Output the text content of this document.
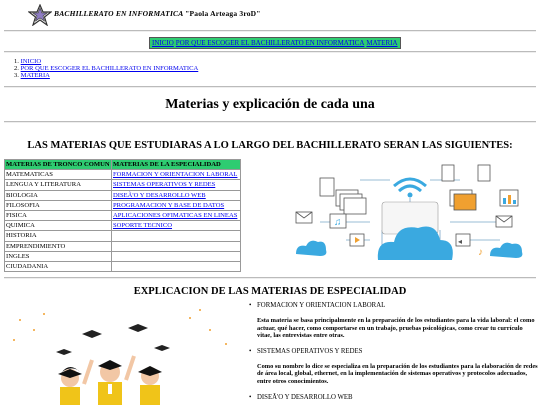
BACHILLERATO EN INFORMATICA "Paola Arteaga 3roD"
INICIO POR QUE ESCOGER EL BACHILLERATO EN INFORMATICA MATERIA
1. INICIO
2. POR QUE ESCOGER EL BACHILLERATO EN INFORMATICA
3. MATERIA
Materias y explicación de cada una
LAS MATERIAS QUE ESTUDIARAS A LO LARGO DEL BACHILLERATO SERAN LAS SIGUIENTES:
MATERIAS DE TRONCO COMUN	MATERIAS DE LA ESPECIALIDAD
MATEMATICAS	FORMACION Y ORIENTACION LABORAL
LENGUA Y LITERATURA	SISTEMAS OPERATIVOS Y REDES
BIOLOGIA	DISEÃ'O Y DESARROLLO WEB
FILOSOFIA	PROGRAMACION Y BASE DE DATOS
FISICA	APLICACIONES OFIMATICAS EN LINEAS
QUIMICA	SOPORTE TECNICO
HISTORIA	
EMPRENDIMIENTO	
INGLES	
CIUDADANIA	
♫
◂
♪
EXPLICACION DE LAS MATERIAS DE ESPECIALIDAD
• FORMACION Y ORIENTACION LABORAL

Esta materia se basa principalmente en la preparación de los estudiantes para la vida laboral: el como actuar, qué hacer, como comportarse en un trabajo, pruebas psicológicas, como crear tu currículo vitae, las entrevistas entre otras.

• SISTEMAS OPERATIVOS Y REDES

Como su nombre lo dice se especializa en la preparación de los estudiantes para la elaboración de redes de área local, global, ethernet, en la implementación de sistemas operativos y protocolos adecuados, entre otros conocimientos.

• DISEÃ'O Y DESARROLLO WEB
